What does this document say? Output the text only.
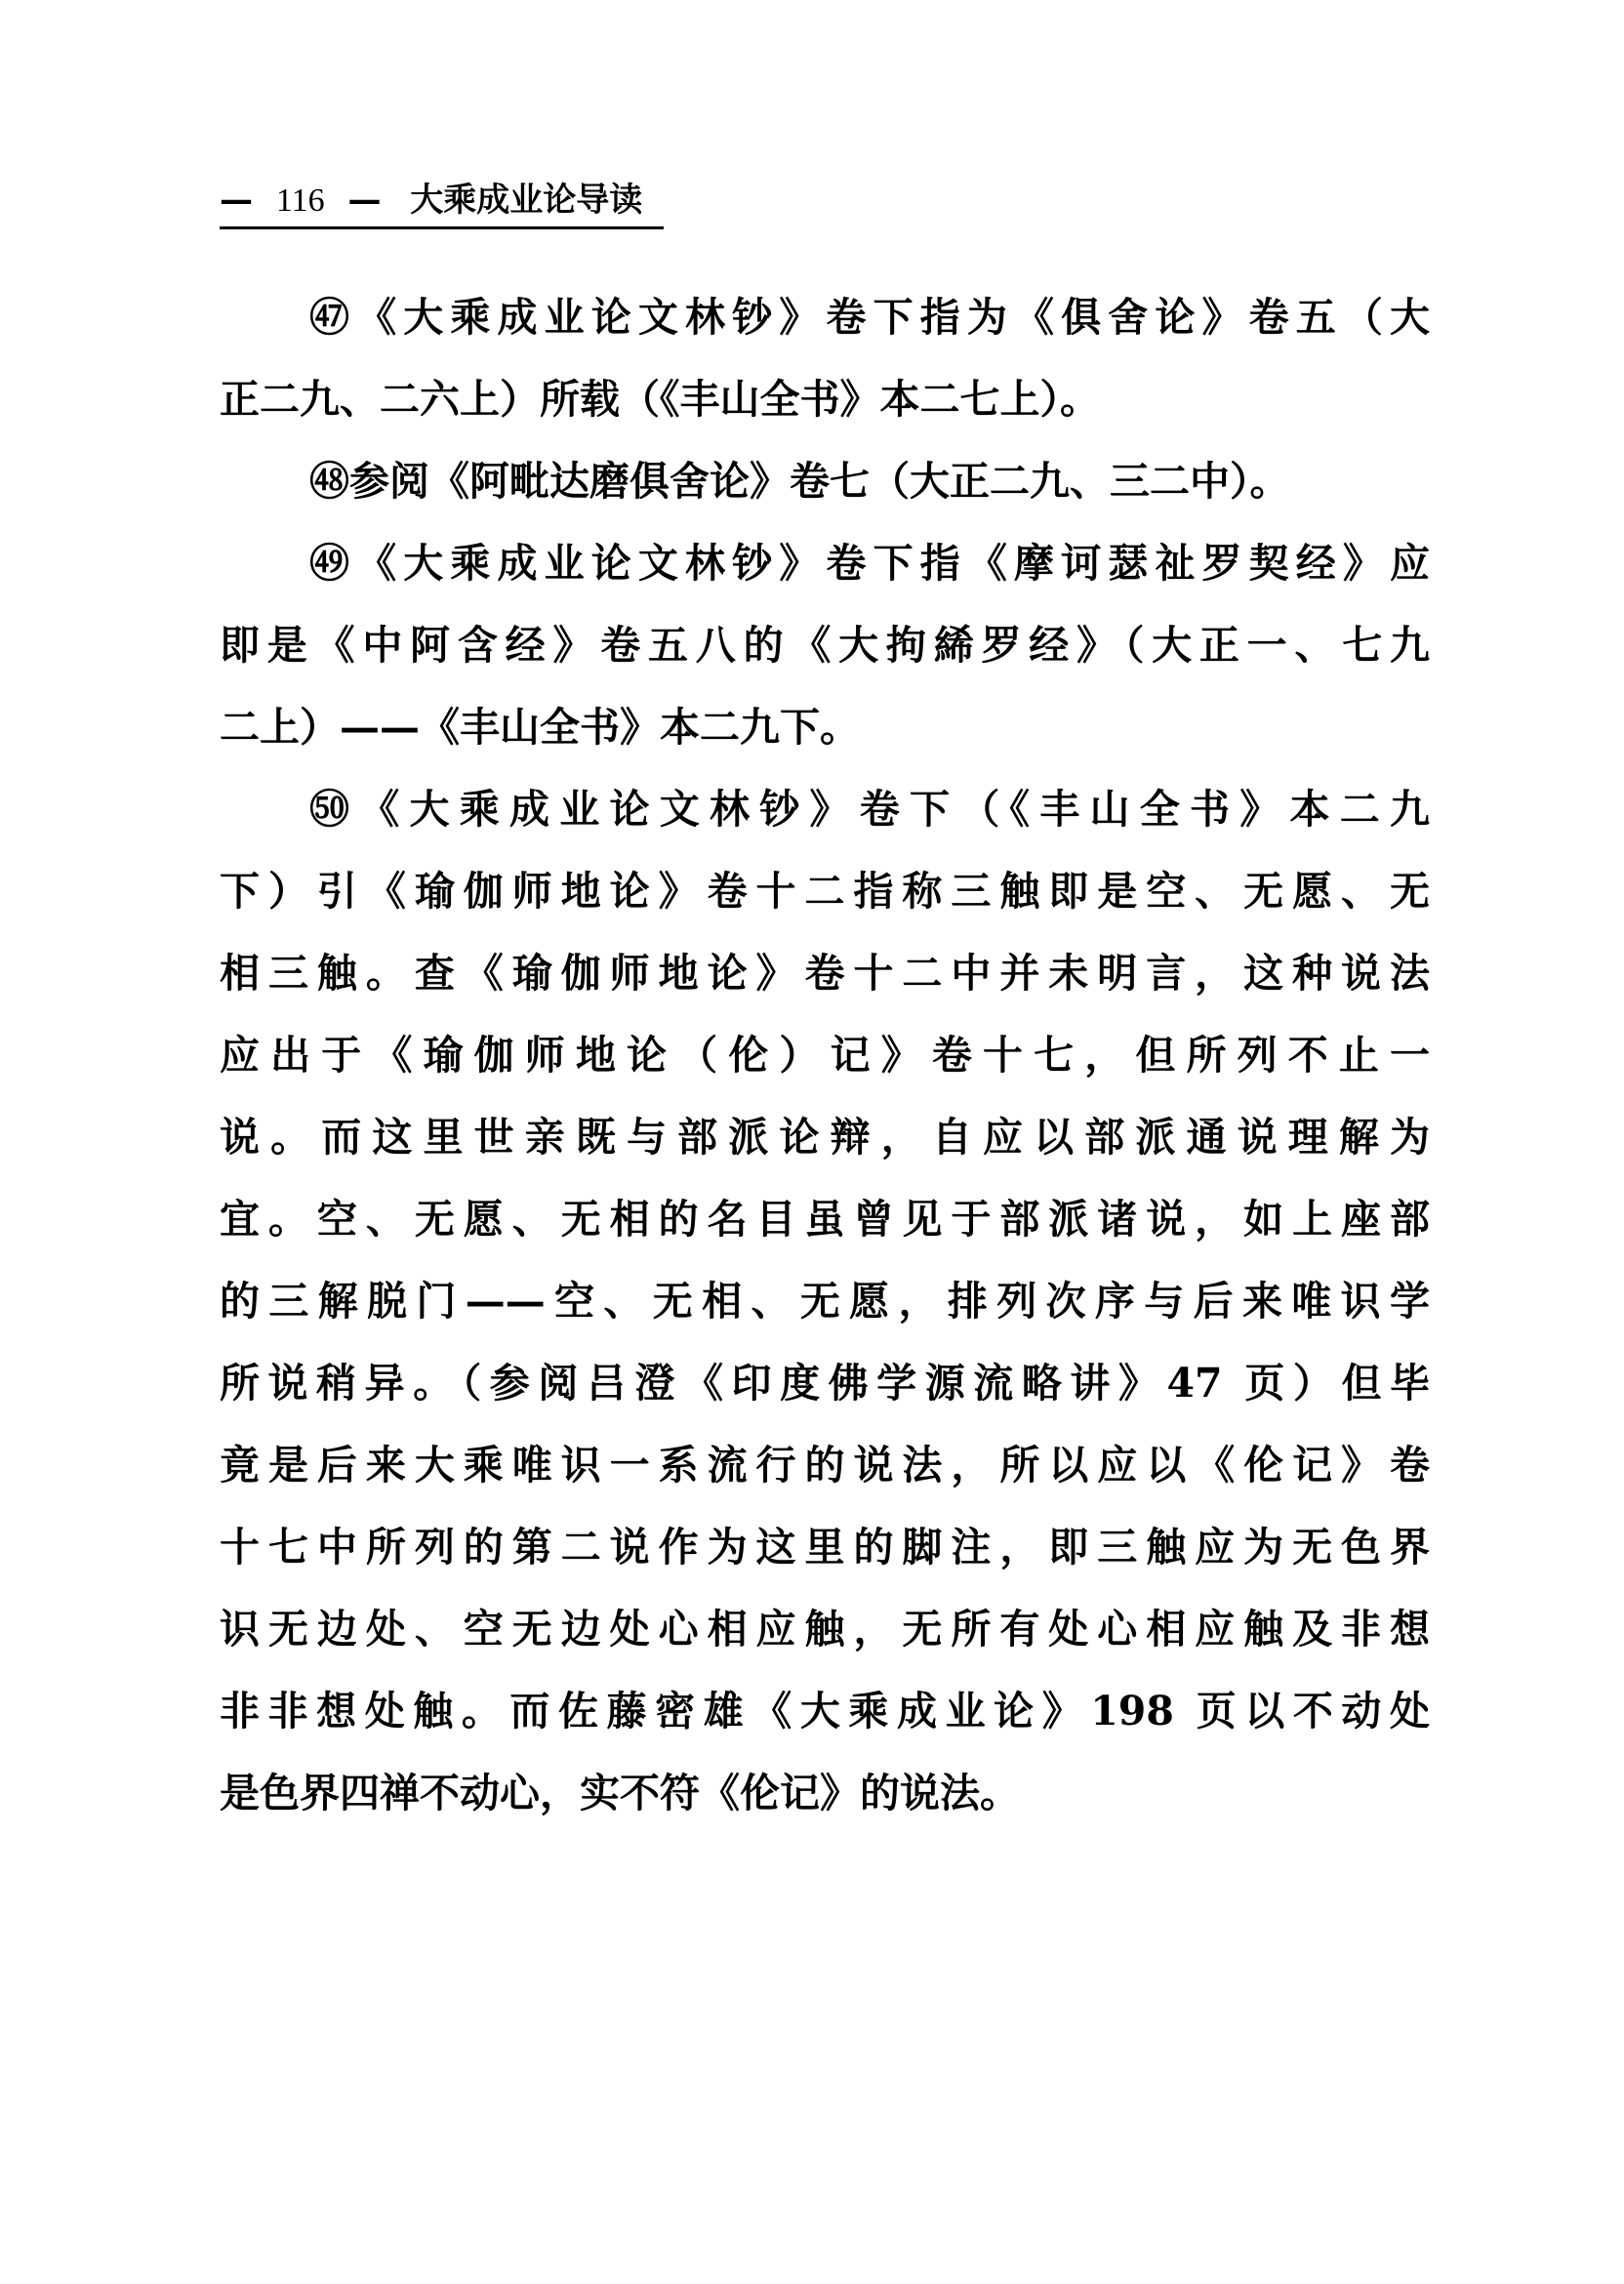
— 116 — 大乘成业论导读
㊼《大乘成业论文林钞》卷下指为《俱舍论》卷五（大
正二九、二六上）所载（《丰山全书》本二七上）。
㊽参阅《阿毗达磨俱舍论》卷七（大正二九、三二中）。
㊾《大乘成业论文林钞》卷下指《摩诃瑟祉罗契经》应
即是《中阿含经》卷五八的《大拘絺罗经》（大正一、七九
二上）——《丰山全书》本二九下。
㊿《大乘成业论文林钞》卷下（《丰山全书》本二九
下）引《瑜伽师地论》卷十二指称三触即是空、无愿、无
相三触。查《瑜伽师地论》卷十二中并未明言，这种说法
应出于《瑜伽师地论（伦）记》卷十七，但所列不止一
说。而这里世亲既与部派论辩，自应以部派通说理解为
宜。空、无愿、无相的名目虽曾见于部派诸说，如上座部
的三解脱门——空、无相、无愿，排列次序与后来唯识学
所说稍异。（参阅吕澄《印度佛学源流略讲》47 页）但毕
竟是后来大乘唯识一系流行的说法，所以应以《伦记》卷
十七中所列的第二说作为这里的脚注，即三触应为无色界
识无边处、空无边处心相应触，无所有处心相应触及非想
非非想处触。而佐藤密雄《大乘成业论》198 页以不动处
是色界四禅不动心，实不符《伦记》的说法。
